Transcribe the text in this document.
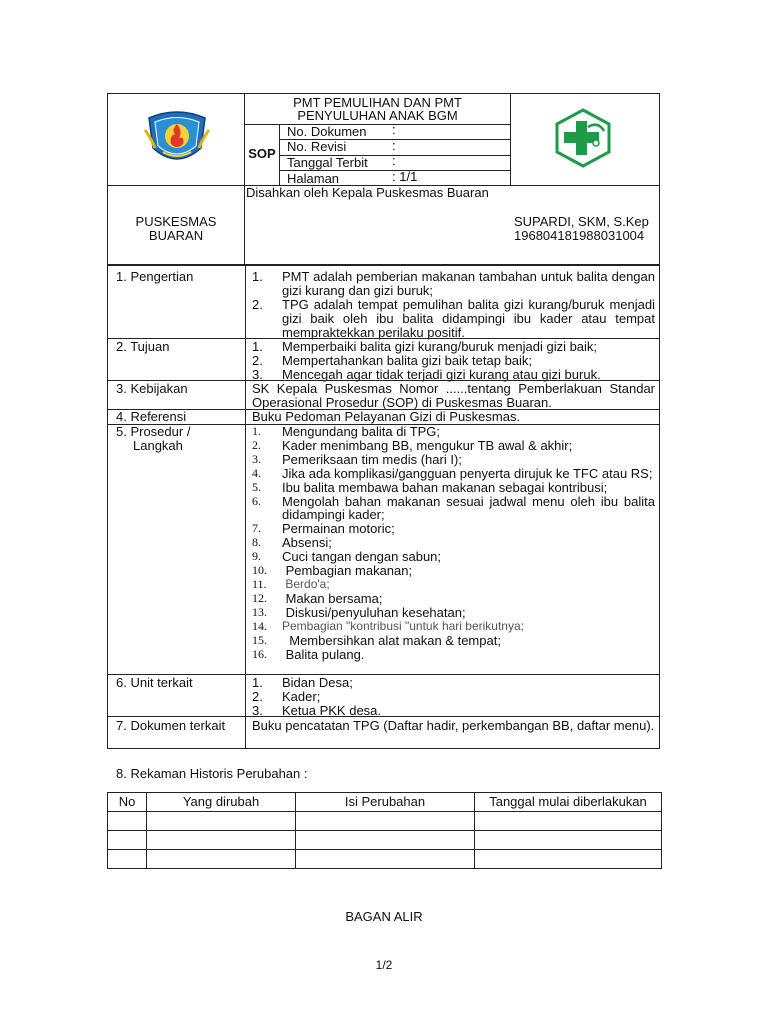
PMT PEMULIHAN DAN PMT
PENYULUHAN ANAK BGM
SOP
No. Dokumen :
No. Revisi	:
Tanggal Terbit :
Halaman	: 1/1
Disahkan oleh Kepala Puskesmas Buaran
PUSKESMAS
BUARAN
SUPARDI, SKM, S.Kep
196804181988031004
1. Pengertian	1.	PMT adalah pemberian makanan tambahan untuk balita dengan gizi kurang dan gizi buruk;
2.	TPG adalah tempat pemulihan balita gizi kurang/buruk menjadi gizi baik oleh ibu balita didampingi ibu kader atau tempat mempraktekkan perilaku positif.
2. Tujuan	1.	Memperbaiki balita gizi kurang/buruk menjadi gizi baik;
2.	Mempertahankan balita gizi baik tetap baik;
3.	Mencegah agar tidak terjadi gizi kurang atau gizi buruk.
3. Kebijakan	SK Kepala Puskesmas Nomor ......tentang Pemberlakuan Standar Operasional Prosedur (SOP) di Puskesmas Buaran.
4. Referensi	Buku Pedoman Pelayanan Gizi di Puskesmas.
5. Prosedur /
Langkah
1.	Mengundang balita di TPG;
2.	Kader menimbang BB, mengukur TB awal & akhir;
3.	Pemeriksaan tim medis (hari I);
4.	Jika ada komplikasi/gangguan penyerta dirujuk ke TFC atau RS;
5.	Ibu balita membawa bahan makanan sebagai kontribusi;
6.	Mengolah bahan makanan sesuai jadwal menu oleh ibu balita didampingi kader;
7.	Permainan motoric;
8.	Absensi;
9.	Cuci tangan dengan sabun;
10.	Pembagian makanan;
11.	Berdo'a;
12.	Makan bersama;
13.	Diskusi/penyuluhan kesehatan;
14.	Pembagian "kontribusi "untuk hari berikutnya;
15.	Membersihkan alat makan & tempat;
16.	Balita pulang.
6. Unit terkait	1.	Bidan Desa;
2.	Kader;
3.	Ketua PKK desa.
7. Dokumen terkait	Buku pencatatan TPG (Daftar hadir, perkembangan BB, daftar menu).
8. Rekaman Historis Perubahan :
No	Yang dirubah	Isi Perubahan	Tanggal mulai diberlakukan

BAGAN ALIR
1/2
